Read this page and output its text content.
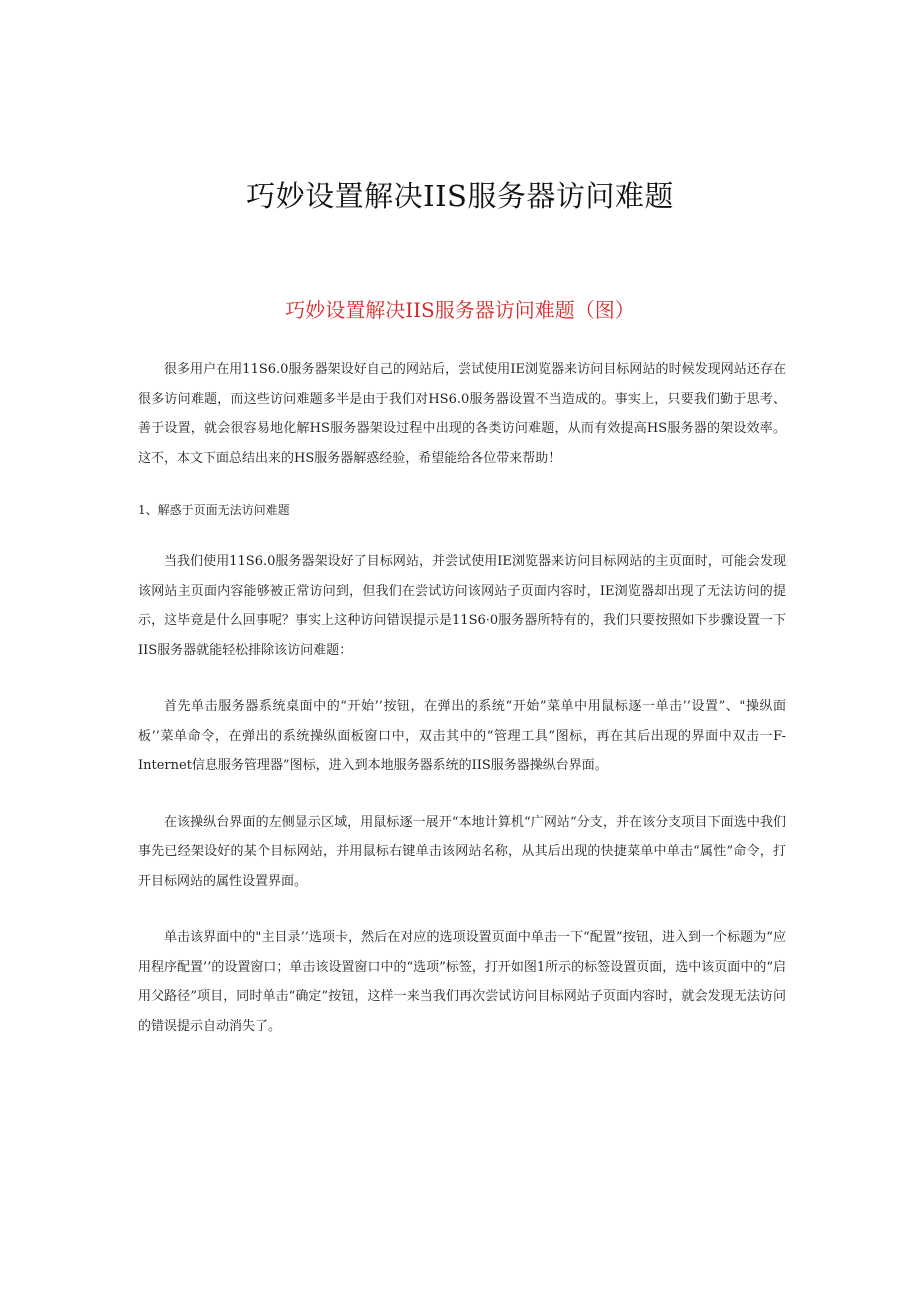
巧妙设置解决IIS服务器访问难题
巧妙设置解决IIS服务器访问难题（图）

很多用户在用11S6.0服务器架设好自己的网站后，尝试使用IE浏览器来访问目标网站的时候发现网站还存在很多访问难题，而这些访问难题多半是由于我们对HS6.0服务器设置不当造成的。事实上，只要我们勤于思考、善于设置，就会很容易地化解HS服务器架设过程中出现的各类访问难题，从而有效提高HS服务器的架设效率。这不，本文下面总结出来的HS服务器解惑经验，希望能给各位带来帮助！

1、解惑于页面无法访问难题

当我们使用11S6.0服务器架设好了目标网站，并尝试使用IE浏览器来访问目标网站的主页面时，可能会发现该网站主页面内容能够被正常访问到，但我们在尝试访问该网站子页面内容时，IE浏览器却出现了无法访问的提示，这毕竟是什么回事呢？事实上这种访问错误提示是11S6·0服务器所特有的，我们只要按照如下步骤设置一下IIS服务器就能轻松排除该访问难题：

首先单击服务器系统桌面中的“开始’’按钮，在弹出的系统“开始”菜单中用鼠标逐一单击’’设置”、"操纵面板’’菜单命令，在弹出的系统操纵面板窗口中，双击其中的“管理工具”图标，再在其后出现的界面中双击一F-Internet信息服务管理器”图标，进入到本地服务器系统的IIS服务器操纵台界面。

在该操纵台界面的左侧显示区域，用鼠标逐一展开“本地计算机“广网站“分支，并在该分支项目下面选中我们事先已经架设好的某个目标网站，并用鼠标右键单击该网站名称，从其后出现的快捷菜单中单击“属性”命令，打开目标网站的属性设置界面。

单击该界面中的"主目录’’选项卡，然后在对应的选项设置页面中单击一下“配置”按钮，进入到一个标题为“应用程序配置’’的设置窗口；单击该设置窗口中的“选项”标签，打开如图1所示的标签设置页面，选中该页面中的“启用父路径”项目，同时单击“确定”按钮，这样一来当我们再次尝试访问目标网站子页面内容时，就会发现无法访问的错误提示自动消失了。
